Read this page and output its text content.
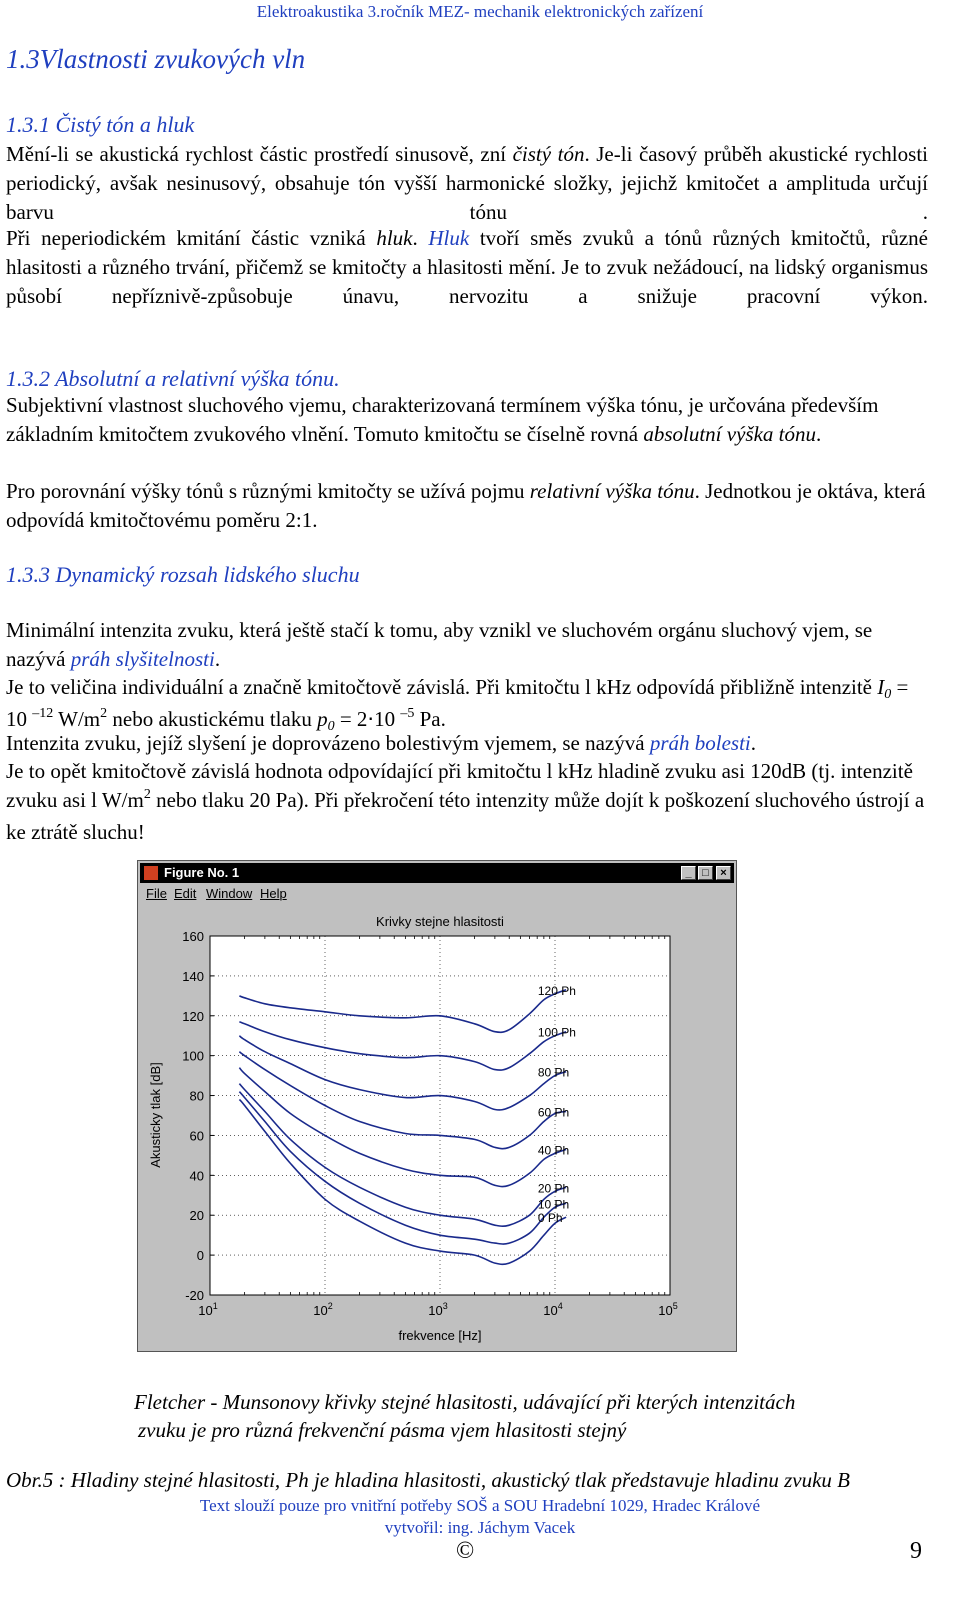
Elektroakustika 3.ročník MEZ- mechanik elektronických zařízení
1.3Vlastnosti zvukových vln
1.3.1 Čistý tón a hluk
Mění-li se akustická rychlost částic prostředí sinusově, zní čistý tón. Je-li časový průběh akustické rychlosti periodický, avšak nesinusový, obsahuje tón vyšší harmonické složky, jejichž kmitočet a amplituda určují barvu tónu .
Při neperiodickém kmitání částic vzniká hluk. Hluk tvoří směs zvuků a tónů různých kmitočtů, různé hlasitosti a různého trvání, přičemž se kmitočty a hlasitosti mění. Je to zvuk nežádoucí, na lidský organismus působí nepříznivě-způsobuje únavu, nervozitu a snižuje pracovní výkon.
1.3.2 Absolutní a relativní výška tónu.
Subjektivní vlastnost sluchového vjemu, charakterizovaná termínem výška tónu, je určována především základním kmitočtem zvukového vlnění. Tomuto kmitočtu se číselně rovná absolutní výška tónu.
Pro porovnání výšky tónů s různými kmitočty se užívá pojmu relativní výška tónu. Jednotkou je oktáva, která odpovídá kmitočtovému poměru 2:1.
1.3.3 Dynamický rozsah lidského sluchu
Minimální intenzita zvuku, která ještě stačí k tomu, aby vznikl ve sluchovém orgánu sluchový vjem, se nazývá práh slyšitelnosti.
Je to veličina individuální a značně kmitočtově závislá. Při kmitočtu l kHz odpovídá přibližně intenzitě $I_0 = 10$ $^{-12}$ $W/m^2$ nebo akustickému tlaku $p_0 = 2\cdot 10$ $^{-5}$ Pa.
Intenzita zvuku, jejíž slyšení je doprovázeno bolestivým vjemem, se nazývá práh bolesti.
Je to opět kmitočtově závislá hodnota odpovídající při kmitočtu l kHz hladině zvuku asi 120dB (tj. intenzitě zvuku asi l $W/m^2$ nebo tlaku 20 Pa). Při překročení této intenzity může dojít k poškození sluchového ústrojí a ke ztrátě sluchu!
Figure No. 1	_ □	×
File Edit Window Help
120 Ph
100 Ph
80 Ph
60 Ph
40 Ph
20 Ph
10 Ph
0 Ph
-20
0
20
40
60
80
100
120
140
160
$10^1$	$10^2$	$10^3$	$10^4$	$10^5$
Krivky stejne hlasitosti
frekvence [Hz]
Akusticky tlak [dB]
Fletcher - Munsonovy křivky stejné hlasitosti, udávající při kterých intenzitách
zvuku je pro různá frekvenční pásma vjem hlasitosti stejný
Obr.5 : Hladiny stejné hlasitosti, Ph je hladina hlasitosti, akustický tlak představuje hladinu zvuku B
Text slouží pouze pro vnitřní potřeby SOŠ a SOU Hradební 1029, Hradec Králové
vytvořil: ing. Jáchym Vacek
©	9
